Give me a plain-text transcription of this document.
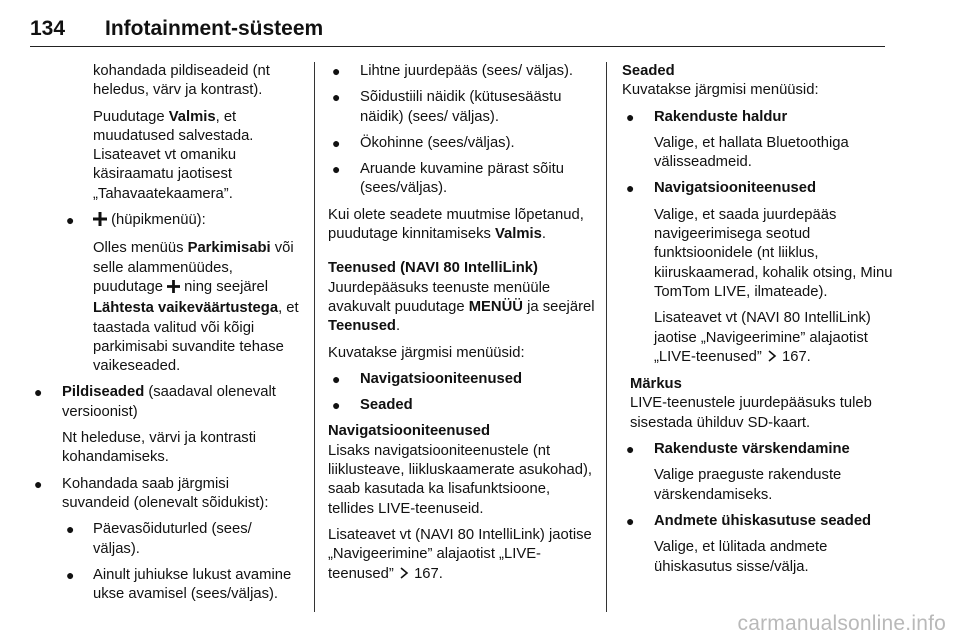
134	Infotainment-süsteem

kohandada pildiseadeid (nt heledus, värv ja kontrast).

Puudutage Valmis, et muudatused salvestada. Lisateavet vt omaniku käsiraamatu jaotisest „Tahavaatekaamera”.

● (hüpikmenüü):

Olles menüüs Parkimisabi või selle alammenüüdes, puudutage  ning seejärel Lähtesta vaikeväärtustega, et taastada valitud või kõigi parkimisabi suvandite tehase vaikeseaded.

● Pildiseaded (saadaval olenevalt versioonist)

Nt heleduse, värvi ja kontrasti kohandamiseks.

● Kohandada saab järgmisi suvandeid (olenevalt sõidukist):
● Päevasõiduturled (sees/ väljas).
● Ainult juhiukse lukust avamine ukse avamisel (sees/väljas).
● Lihtne juurdepääs (sees/ väljas).
● Sõidustiili näidik (kütusesäästu näidik) (sees/ väljas).
● Ökohinne (sees/väljas).
● Aruande kuvamine pärast sõitu (sees/väljas).

Kui olete seadete muutmise lõpetanud, puudutage kinnitamiseks Valmis.

Teenused (NAVI 80 IntelliLink)

Juurdepääsuks teenuste menüüle avakuvalt puudutage MENÜÜ ja seejärel Teenused.

Kuvatakse järgmisi menüüsid:

● Navigatsiooniteenused
● Seaded

Navigatsiooniteenused

Lisaks navigatsiooniteenustele (nt liiklusteave, liikluskaamerate asukohad), saab kasutada ka lisafunktsioone, tellides LIVE-teenuseid.

Lisateavet vt (NAVI 80 IntelliLink) jaotise „Navigeerimine” alajaotist „LIVE-teenused”  167.

Seaded

Kuvatakse järgmisi menüüsid:

● Rakenduste haldur

Valige, et hallata Bluetoothiga välisseadmeid.

● Navigatsiooniteenused

Valige, et saada juurdepääs navigeerimisega seotud funktsioonidele (nt liiklus, kiiruskaamerad, kohalik otsing, Minu TomTom LIVE, ilmateade).

Lisateavet vt (NAVI 80 IntelliLink) jaotise „Navigeerimine” alajaotist „LIVE-teenused”  167.

Märkus

LIVE-teenustele juurdepääsuks tuleb sisestada ühilduv SD-kaart.

● Rakenduste värskendamine

Valige praeguste rakenduste värskendamiseks.

● Andmete ühiskasutuse seaded

Valige, et lülitada andmete ühiskasutus sisse/välja.

carmanualsonline.info
